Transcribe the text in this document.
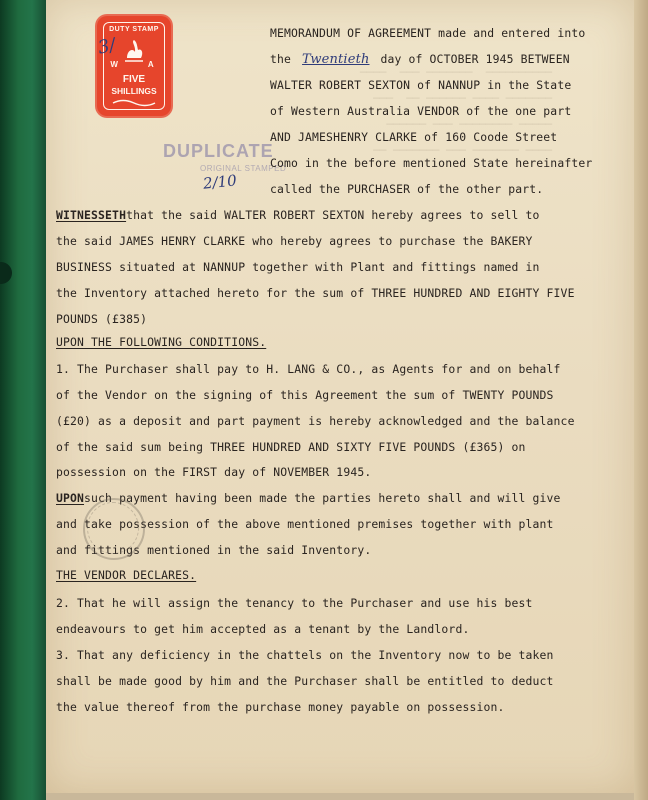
──────────  ─────── ───  ────
─────── ──── ────── ──  ───
───── ──────── ─── ──────
──── ─────── ─── ─────── ──
DUTY STAMP
W A
FIVE
SHILLINGS
3/
DUPLICATE
ORIGINAL STAMPED
2/10
MEMORANDUM OF AGREEMENT made and entered into
the Twentieth day of OCTOBER 1945 BETWEEN
WALTER ROBERT SEXTON of NANNUP in the State
of Western Australia VENDOR of the one part
AND JAMESHENRY CLARKE of 160 Coode Street
Como in the before mentioned State hereinafter
called the PURCHASER of the other part.
WITNESSETHthat the said WALTER ROBERT SEXTON hereby agrees to sell to
the said JAMES HENRY CLARKE who hereby agrees to purchase the BAKERY
BUSINESS situated at NANNUP together with Plant and fittings named in
the Inventory attached hereto for the sum of THREE HUNDRED AND EIGHTY FIVE
POUNDS (£385)
UPON THE FOLLOWING CONDITIONS.
1. The Purchaser shall pay to H. LANG & CO., as Agents for and on behalf
of the Vendor on the signing of this Agreement the sum of TWENTY POUNDS
(£20) as a deposit and part payment is hereby acknowledged and the balance
of the said sum being THREE HUNDRED AND SIXTY FIVE POUNDS (£365) on
possession on the FIRST day of NOVEMBER 1945.
UPONsuch payment having been made the parties hereto shall and will give
and take possession of the above mentioned premises together with plant
and fittings mentioned in the said Inventory.
THE VENDOR DECLARES.
2. That he will assign the tenancy to the Purchaser and use his best
endeavours to get him accepted as a tenant by the Landlord.
3. That any deficiency in the chattels on the Inventory now to be taken
shall be made good by him and the Purchaser shall be entitled to deduct
the value thereof from the purchase money payable on possession.
